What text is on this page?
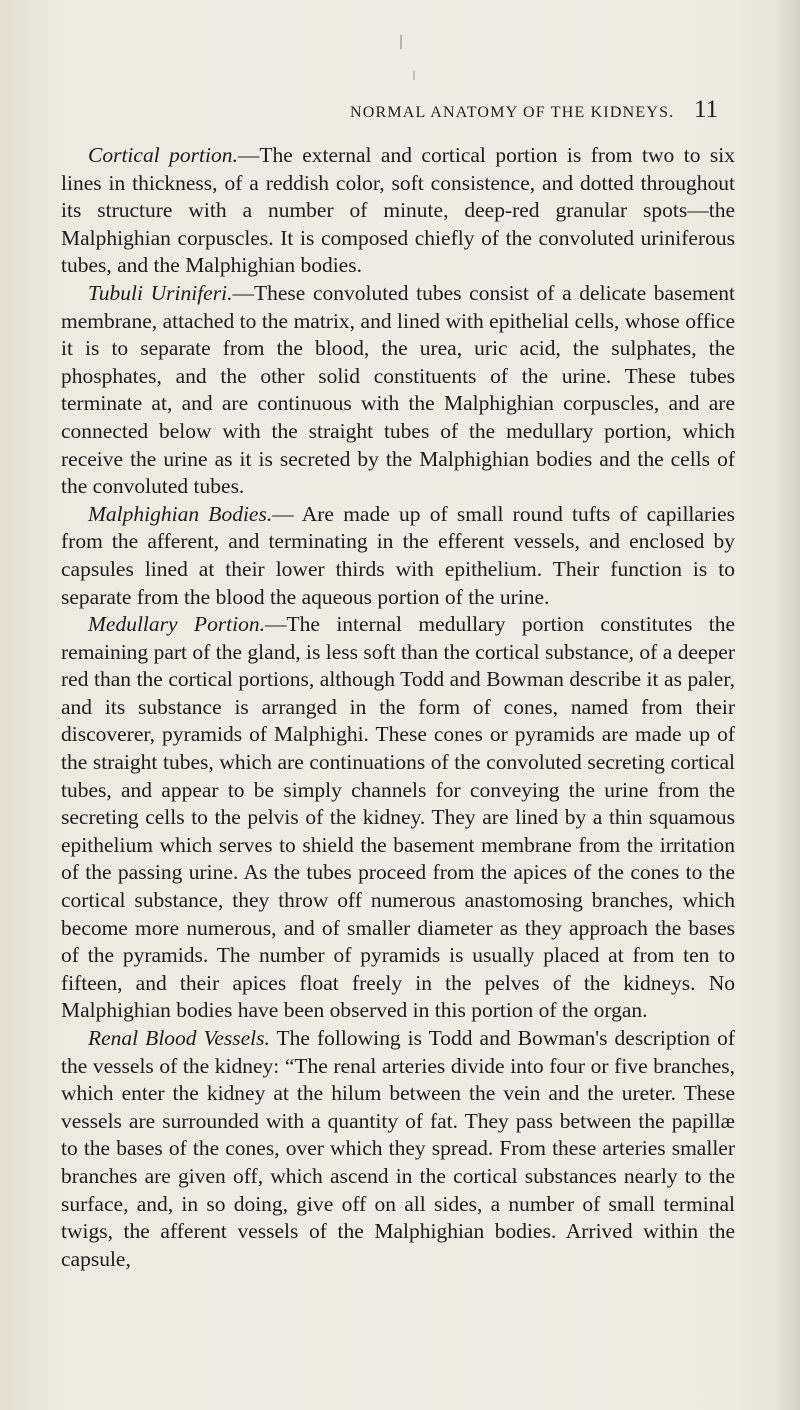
NORMAL ANATOMY OF THE KIDNEYS. 11

Cortical portion.—The external and cortical portion is from two to six lines in thickness, of a reddish color, soft consistence, and dotted throughout its structure with a number of minute, deep-red granular spots—the Malphighian corpuscles. It is composed chiefly of the convoluted uriniferous tubes, and the Malphighian bodies.

Tubuli Uriniferi.—These convoluted tubes consist of a delicate basement membrane, attached to the matrix, and lined with epithelial cells, whose office it is to separate from the blood, the urea, uric acid, the sulphates, the phosphates, and the other solid constituents of the urine. These tubes terminate at, and are continuous with the Malphighian corpuscles, and are connected below with the straight tubes of the medullary portion, which receive the urine as it is secreted by the Malphighian bodies and the cells of the convoluted tubes.

Malphighian Bodies.— Are made up of small round tufts of capillaries from the afferent, and terminating in the efferent vessels, and enclosed by capsules lined at their lower thirds with epithelium. Their function is to separate from the blood the aqueous portion of the urine.

Medullary Portion.—The internal medullary portion constitutes the remaining part of the gland, is less soft than the cortical substance, of a deeper red than the cortical portions, although Todd and Bowman describe it as paler, and its substance is arranged in the form of cones, named from their discoverer, pyramids of Malphighi. These cones or pyramids are made up of the straight tubes, which are continuations of the convoluted secreting cortical tubes, and appear to be simply channels for conveying the urine from the secreting cells to the pelvis of the kidney. They are lined by a thin squamous epithelium which serves to shield the basement membrane from the irritation of the passing urine. As the tubes proceed from the apices of the cones to the cortical substance, they throw off numerous anastomosing branches, which become more numerous, and of smaller diameter as they approach the bases of the pyramids. The number of pyramids is usually placed at from ten to fifteen, and their apices float freely in the pelves of the kidneys. No Malphighian bodies have been observed in this portion of the organ.

Renal Blood Vessels. The following is Todd and Bowman's description of the vessels of the kidney: “The renal arteries divide into four or five branches, which enter the kidney at the hilum between the vein and the ureter. These vessels are surrounded with a quantity of fat. They pass between the papillæ to the bases of the cones, over which they spread. From these arteries smaller branches are given off, which ascend in the cortical substances nearly to the surface, and, in so doing, give off on all sides, a number of small terminal twigs, the afferent vessels of the Malphighian bodies. Arrived within the capsule,
